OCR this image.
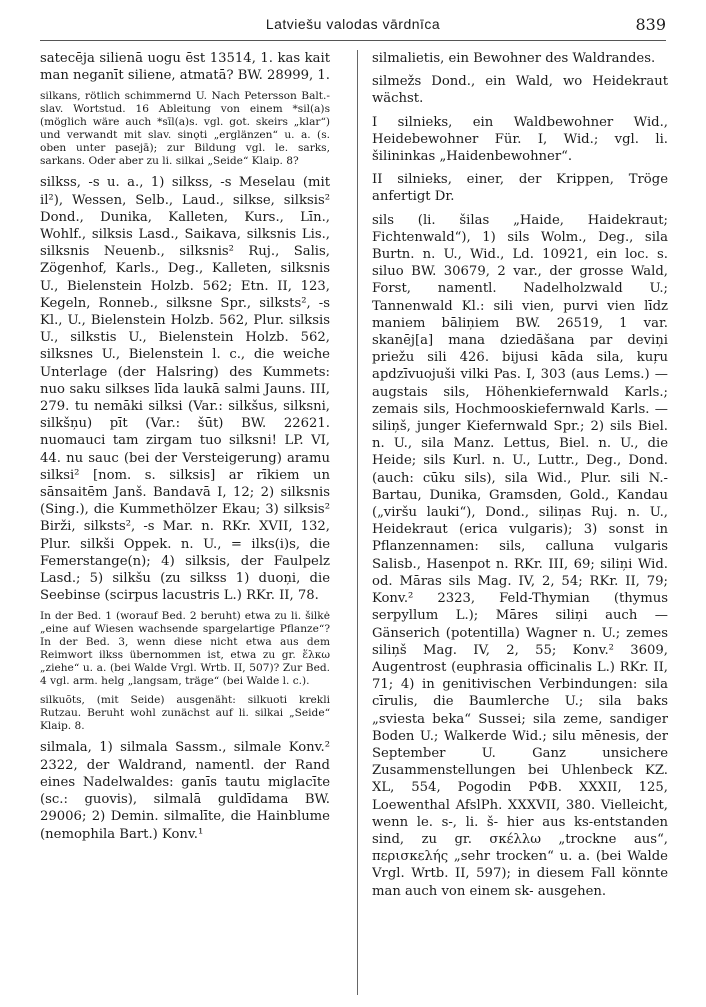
Latviešu valodas vārdnīca	839

satecēja silienā uogu ēst 13514, 1. kas kait man neganīt siliene, atmatā? BW. 28999, 1.

silkans, rötlich schimmernd U. Nach Petersson Balt.-slav. Wortstud. 16 Ableitung von einem *sil(a)s (möglich wäre auch *sīl(a)s. vgl. got. skeirs „klar“) und verwandt mit slav. sinǫti „erglänzen“ u. a. (s. oben unter pasejā); zur Bildung vgl. le. sarks, sarkans. Oder aber zu li. silkai „Seide“ Klaip. 8?

silkss, -s u. a., 1) silkss, -s Meselau (mit il²), Wessen, Selb., Laud., silkse, silksis² Dond., Dunika, Kalleten, Kurs., Līn., Wohlf., silksis Lasd., Saikava, silksnis Lis., silksnis Neuenb., silksnis² Ruj., Salis, Zögenhof, Karls., Deg., Kalleten, silksnis U., Bielenstein Holzb. 562; Etn. II, 123, Kegeln, Ronneb., silksne Spr., silksts², -s Kl., U., Bielenstein Holzb. 562, Plur. silksis U., silkstis U., Bielenstein Holzb. 562, silksnes U., Bielenstein l. c., die weiche Unterlage (der Halsring) des Kummets: nuo saku silkses līda laukā salmi Jauns. III, 279. tu nemāki silksi (Var.: silkšus, silksni, silkšņu) pīt (Var.: šūt) BW. 22621. nuomauci tam zirgam tuo silksni! LP. VI, 44. nu sauc (bei der Versteigerung) aramu silksi² [nom. s. silksis] ar rīkiem un sānsaitēm Janš. Bandavā I, 12; 2) silksnis (Sing.), die Kummethölzer Ekau; 3) silksis² Birži, silksts², -s Mar. n. RKr. XVII, 132, Plur. silkši Oppek. n. U., = ilks(i)s, die Femerstange(n); 4) silksis, der Faulpelz Lasd.; 5) silkšu (zu silkss 1) duoņi, die Seebinse (scirpus lacustris L.) RKr. II, 78.

In der Bed. 1 (worauf Bed. 2 beruht) etwa zu li. šilkė „eine auf Wiesen wachsende spargelartige Pflanze“? In der Bed. 3, wenn diese nicht etwa aus dem Reimwort ilkss übernommen ist, etwa zu gr. ἕλκω „ziehe“ u. a. (bei Walde Vrgl. Wrtb. II, 507)? Zur Bed. 4 vgl. arm. helg „langsam, träge“ (bei Walde l. c.).

silkuõts, (mit Seide) ausgenäht: silkuoti krekli Rutzau. Beruht wohl zunächst auf li. silkai „Seide“ Klaip. 8.

silmala, 1) silmala Sassm., silmale Konv.² 2322, der Waldrand, namentl. der Rand eines Nadelwaldes: ganīs tautu miglacīte (sc.: guovis), silmalā guldīdama BW. 29006; 2) Demin. silmalīte, die Hainblume (nemophila Bart.) Konv.¹

silmalietis, ein Bewohner des Waldrandes.

silmežs Dond., ein Wald, wo Heidekraut wächst.

I silnieks, ein Waldbewohner Wid., Heidebewohner Für. I, Wid.; vgl. li. šilininkas „Haidenbewohner“.

II silnieks, einer, der Krippen, Tröge anfertigt Dr.

sils (li. šilas „Haide, Haidekraut; Fichtenwald“), 1) sils Wolm., Deg., sila Burtn. n. U., Wid., Ld. 10921, ein loc. s. siluo BW. 30679, 2 var., der grosse Wald, Forst, namentl. Nadelholzwald U.; Tannenwald Kl.: sili vien, purvi vien līdz maniem bāliņiem BW. 26519, 1 var. skanēj[a] mana dziedāšana par deviņi priežu sili 426. bijusi kāda sila, kuŗu apdzīvuojuši vilki Pas. I, 303 (aus Lems.) — augstais sils, Höhenkiefernwald Karls.; zemais sils, Hochmooskiefernwald Karls. — siliņš, junger Kiefernwald Spr.; 2) sils Biel. n. U., sila Manz. Lettus, Biel. n. U., die Heide; sils Kurl. n. U., Luttr., Deg., Dond. (auch: cūku sils), sila Wid., Plur. sili N.-Bartau, Dunika, Gramsden, Gold., Kandau („viršu lauki“), Dond., siliņas Ruj. n. U., Heidekraut (erica vulgaris); 3) sonst in Pflanzennamen: sils, calluna vulgaris Salisb., Hasenpot n. RKr. III, 69; siliņi Wid. od. Māras sils Mag. IV, 2, 54; RKr. II, 79; Konv.² 2323, Feld-Thymian (thymus serpyllum L.); Māres siliņi auch — Gänserich (potentilla) Wagner n. U.; zemes siliņš Mag. IV, 2, 55; Konv.² 3609, Augentrost (euphrasia officinalis L.) RKr. II, 71; 4) in genitivischen Verbindungen: sila cīrulis, die Baumlerche U.; sila baks „sviesta beka“ Sussei; sila zeme, sandiger Boden U.; Walkerde Wid.; silu mēnesis, der September U. Ganz unsichere Zusammenstellungen bei Uhlenbeck KZ. XL, 554, Pogodin PΦB. XXXII, 125, Loewenthal AfslPh. XXXVII, 380. Vielleicht, wenn le. s-, li. š- hier aus ks-entstanden sind, zu gr. σκέλλω „trockne aus“, περισκελής „sehr trocken“ u. a. (bei Walde Vrgl. Wrtb. II, 597); in diesem Fall könnte man auch von einem sk- ausgehen.
